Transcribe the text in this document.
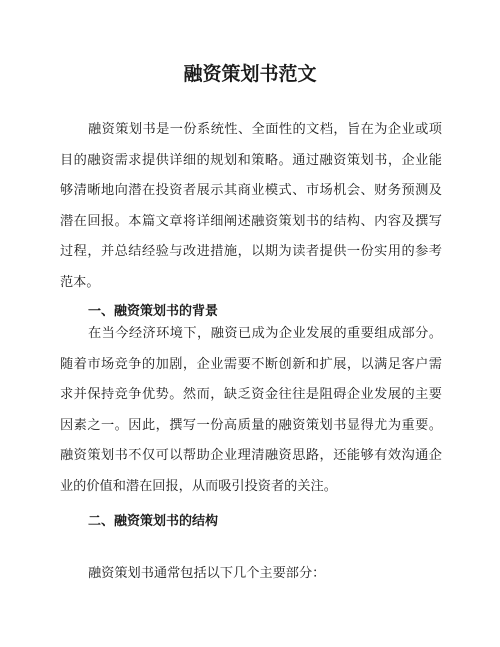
融资策划书范文

融资策划书是一份系统性、全面性的文档，旨在为企业或项目的融资需求提供详细的规划和策略。通过融资策划书，企业能够清晰地向潜在投资者展示其商业模式、市场机会、财务预测及潜在回报。本篇文章将详细阐述融资策划书的结构、内容及撰写过程，并总结经验与改进措施，以期为读者提供一份实用的参考范本。

一、融资策划书的背景

在当今经济环境下，融资已成为企业发展的重要组成部分。随着市场竞争的加剧，企业需要不断创新和扩展，以满足客户需求并保持竞争优势。然而，缺乏资金往往是阻碍企业发展的主要因素之一。因此，撰写一份高质量的融资策划书显得尤为重要。融资策划书不仅可以帮助企业理清融资思路，还能够有效沟通企业的价值和潜在回报，从而吸引投资者的关注。

二、融资策划书的结构

融资策划书通常包括以下几个主要部分：
